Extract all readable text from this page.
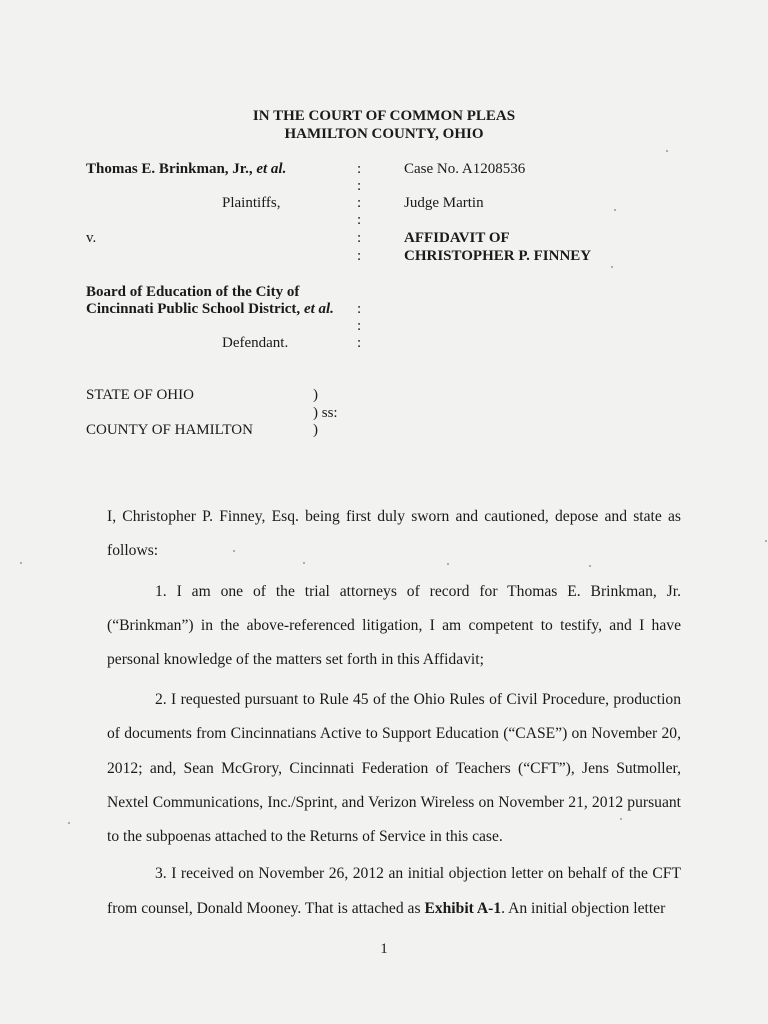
IN THE COURT OF COMMON PLEAS
HAMILTON COUNTY, OHIO
Thomas E. Brinkman, Jr., et al.
Plaintiffs,
v.
Board of Education of the City of
Cincinnati Public School District, et al.
Defendant.
:
:
:
:
:
:
:
:
:
Case No. A1208536
Judge Martin
AFFIDAVIT OF
CHRISTOPHER P. FINNEY
STATE OF OHIO
COUNTY OF HAMILTON
)
) ss:
)
I, Christopher P. Finney, Esq. being first duly sworn and cautioned, depose and state as
follows:
1. I am one of the trial attorneys of record for Thomas E. Brinkman, Jr.
(“Brinkman”) in the above-referenced litigation, I am competent to testify, and I have
personal knowledge of the matters set forth in this Affidavit;
2. I requested pursuant to Rule 45 of the Ohio Rules of Civil Procedure, production
of documents from Cincinnatians Active to Support Education (“CASE”) on November 20,
2012; and, Sean McGrory, Cincinnati Federation of Teachers (“CFT”), Jens Sutmoller,
Nextel Communications, Inc./Sprint, and Verizon Wireless on November 21, 2012 pursuant
to the subpoenas attached to the Returns of Service in this case.
3. I received on November 26, 2012 an initial objection letter on behalf of the CFT
from counsel, Donald Mooney. That is attached as Exhibit A-1. An initial objection letter
1
